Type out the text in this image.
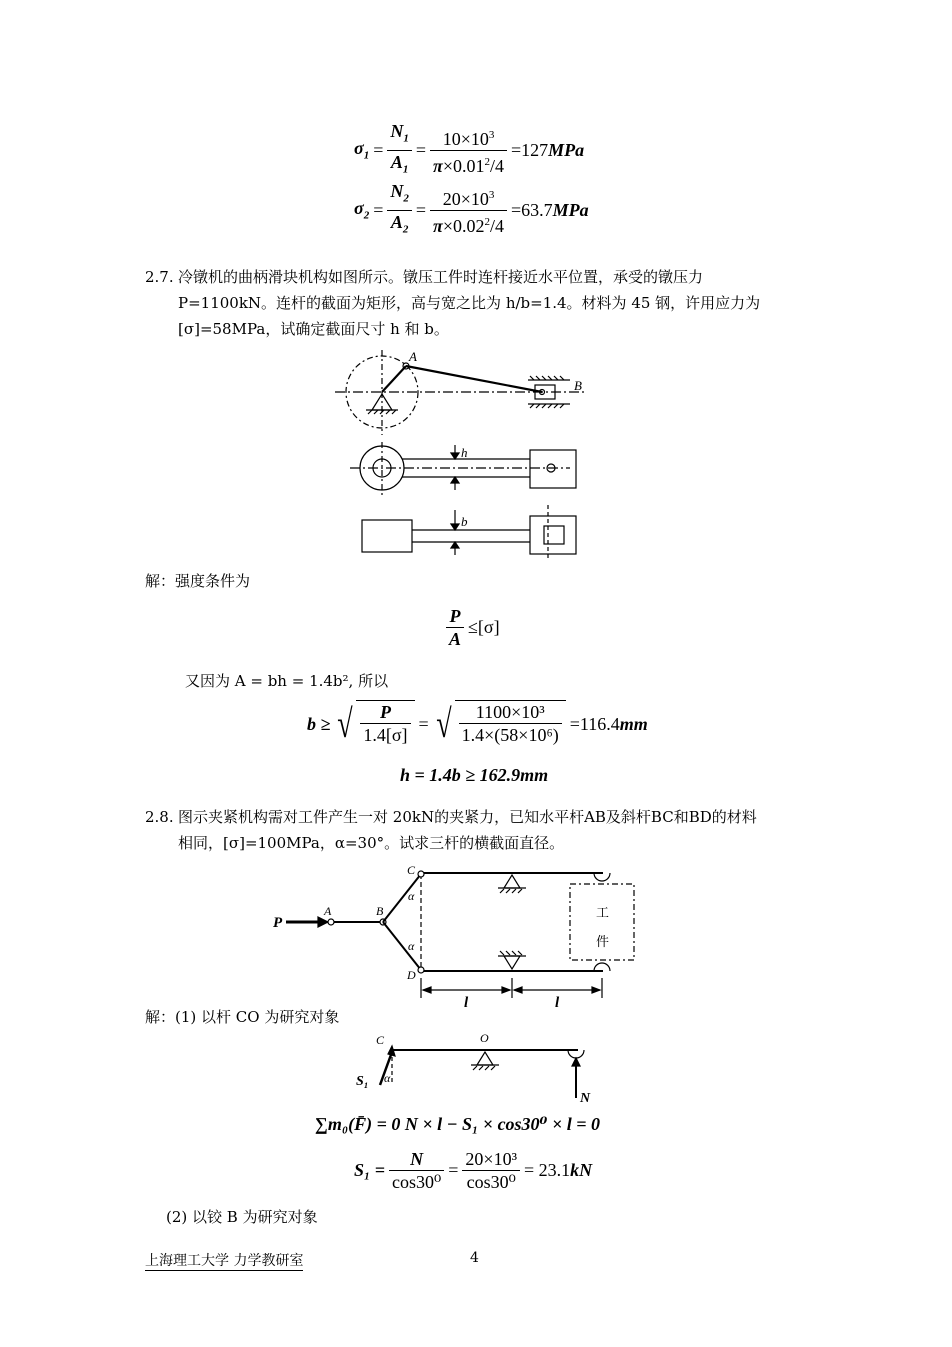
$\sigma_1 = \frac{N_1}{A_1} = \frac{10\times 10^3}{\pi\times 0.01^2/4} =127$ MPa
$\sigma_2 = \frac{N_2}{A_2} = \frac{20\times 10^3}{\pi\times 0.02^2/4} =63.7$ MPa
2.7. 冷镦机的曲柄滑块机构如图所示。镦压工件时连杆接近水平位置，承受的镦压力
P=1100kN。连杆的截面为矩形，高与宽之比为 h/b=1.4。材料为 45 钢，许用应力为
[σ]=58MPa，试确定截面尺寸 h 和 b。
A
B
h
b
解：强度条件为
$\frac{P}{A} \le[\sigma]$
又因为 A = bh = 1.4b², 所以
b ≥ √ $\frac{P}{1.4[\sigma]}$ = √ $\frac{\text{1100×10³}}{\text{1.4×(58×10⁶)}} =116.4$ mm
h = 1.4b ≥ 162.9mm
2.8. 图示夹紧机构需对工件产生一对 20kN的夹紧力，已知水平杆AB及斜杆BC和BD的材料
相同，[σ]=100MPa，α=30°。试求三杆的横截面直径。
P
A	B
C
D
α
α
工
件
l	l
解：(1) 以杆 CO 为研究对象
C	O
S₁ α
N
∑m₀(F̄) = 0 N × l − S₁ × cos30⁰ × l = 0
$S_1 = \frac{N}{\text{cos30⁰}} = \frac{\text{20×10³}}{\text{cos30⁰}} = 23.1$ kN
(2) 以铰 B 为研究对象
上海理工大学 力学教研室	4
